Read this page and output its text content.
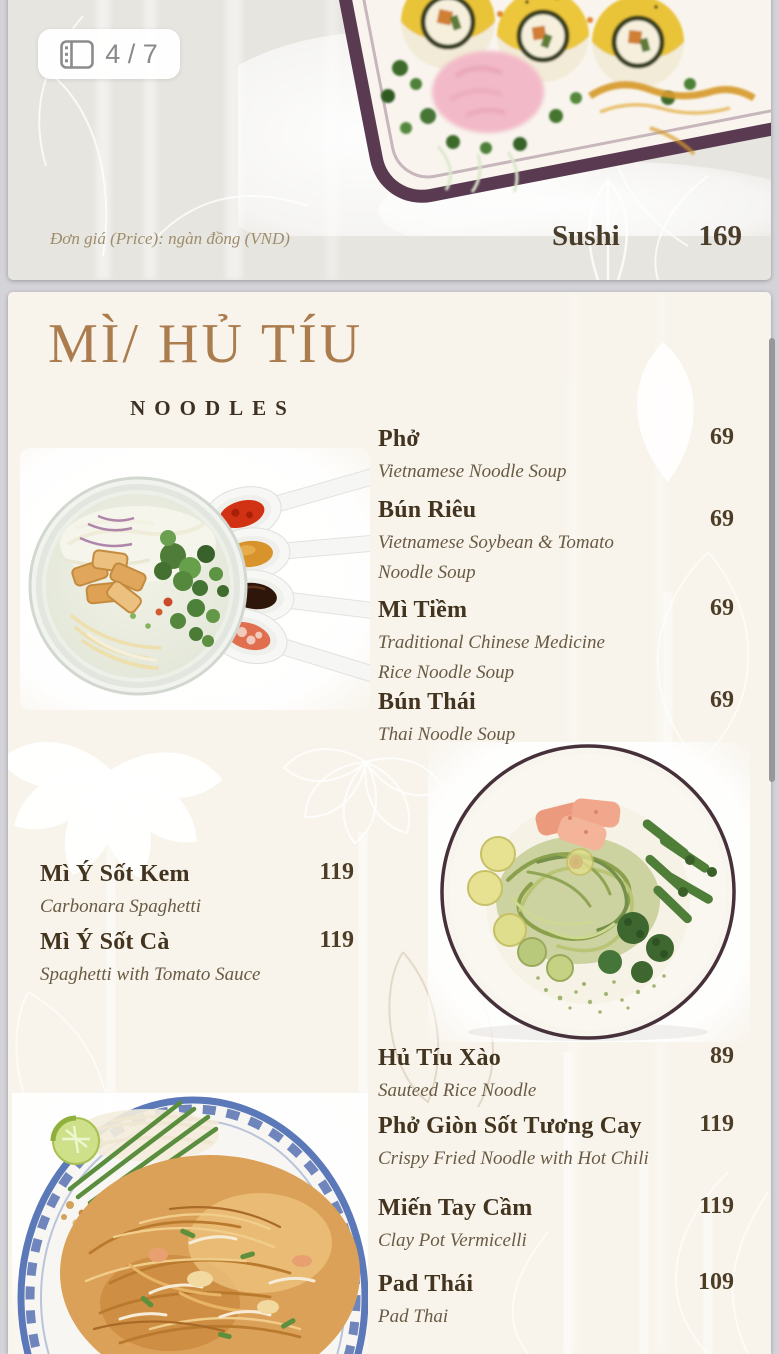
4 / 7
Đơn giá (Price): ngàn đồng (VND)	Sushi	169
MÌ/ HỦ TÍU
NOODLES
Phở	69
Vietnamese Noodle Soup
Bún Riêu	69
Vietnamese Soybean & Tomato
Noodle Soup
Mì Tiềm	69
Traditional Chinese Medicine
Rice Noodle Soup
Bún Thái	69
Thai Noodle Soup
Mì Ý Sốt Kem	119
Carbonara Spaghetti
Mì Ý Sốt Cà	119
Spaghetti with Tomato Sauce
Hủ Tíu Xào	89
Sauteed Rice Noodle
Phở Giòn Sốt Tương Cay	119
Crispy Fried Noodle with Hot Chili
Miến Tay Cầm	119
Clay Pot Vermicelli
Pad Thái	109
Pad Thai
